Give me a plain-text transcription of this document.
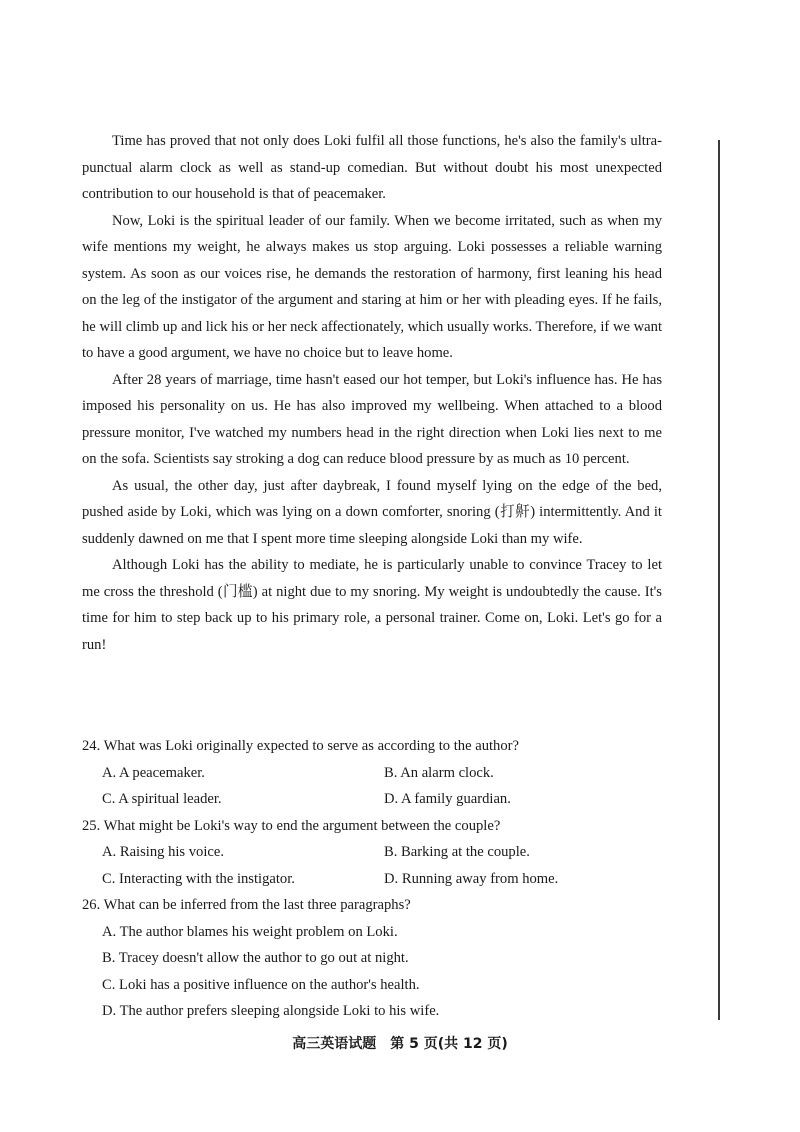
Time has proved that not only does Loki fulfil all those functions, he's also the family's ultra-punctual alarm clock as well as stand-up comedian. But without doubt his most unexpected contribution to our household is that of peacemaker.

Now, Loki is the spiritual leader of our family. When we become irritated, such as when my wife mentions my weight, he always makes us stop arguing. Loki possesses a reliable warning system. As soon as our voices rise, he demands the restoration of harmony, first leaning his head on the leg of the instigator of the argument and staring at him or her with pleading eyes. If he fails, he will climb up and lick his or her neck affectionately, which usually works. Therefore, if we want to have a good argument, we have no choice but to leave home.

After 28 years of marriage, time hasn't eased our hot temper, but Loki's influence has. He has imposed his personality on us. He has also improved my wellbeing. When attached to a blood pressure monitor, I've watched my numbers head in the right direction when Loki lies next to me on the sofa. Scientists say stroking a dog can reduce blood pressure by as much as 10 percent.

As usual, the other day, just after daybreak, I found myself lying on the edge of the bed, pushed aside by Loki, which was lying on a down comforter, snoring (打鼾) intermittently. And it suddenly dawned on me that I spent more time sleeping alongside Loki than my wife.

Although Loki has the ability to mediate, he is particularly unable to convince Tracey to let me cross the threshold (门槛) at night due to my snoring. My weight is undoubtedly the cause. It's time for him to step back up to his primary role, a personal trainer. Come on, Loki. Let's go for a run!

24. What was Loki originally expected to serve as according to the author?

A. A peacemaker.	B. An alarm clock.
C. A spiritual leader.	D. A family guardian.

25. What might be Loki's way to end the argument between the couple?

A. Raising his voice.	B. Barking at the couple.
C. Interacting with the instigator.	D. Running away from home.

26. What can be inferred from the last three paragraphs?

A. The author blames his weight problem on Loki.
B. Tracey doesn't allow the author to go out at night.
C. Loki has a positive influence on the author's health.
D. The author prefers sleeping alongside Loki to his wife.
高三英语试题　第 5 页(共 12 页)
